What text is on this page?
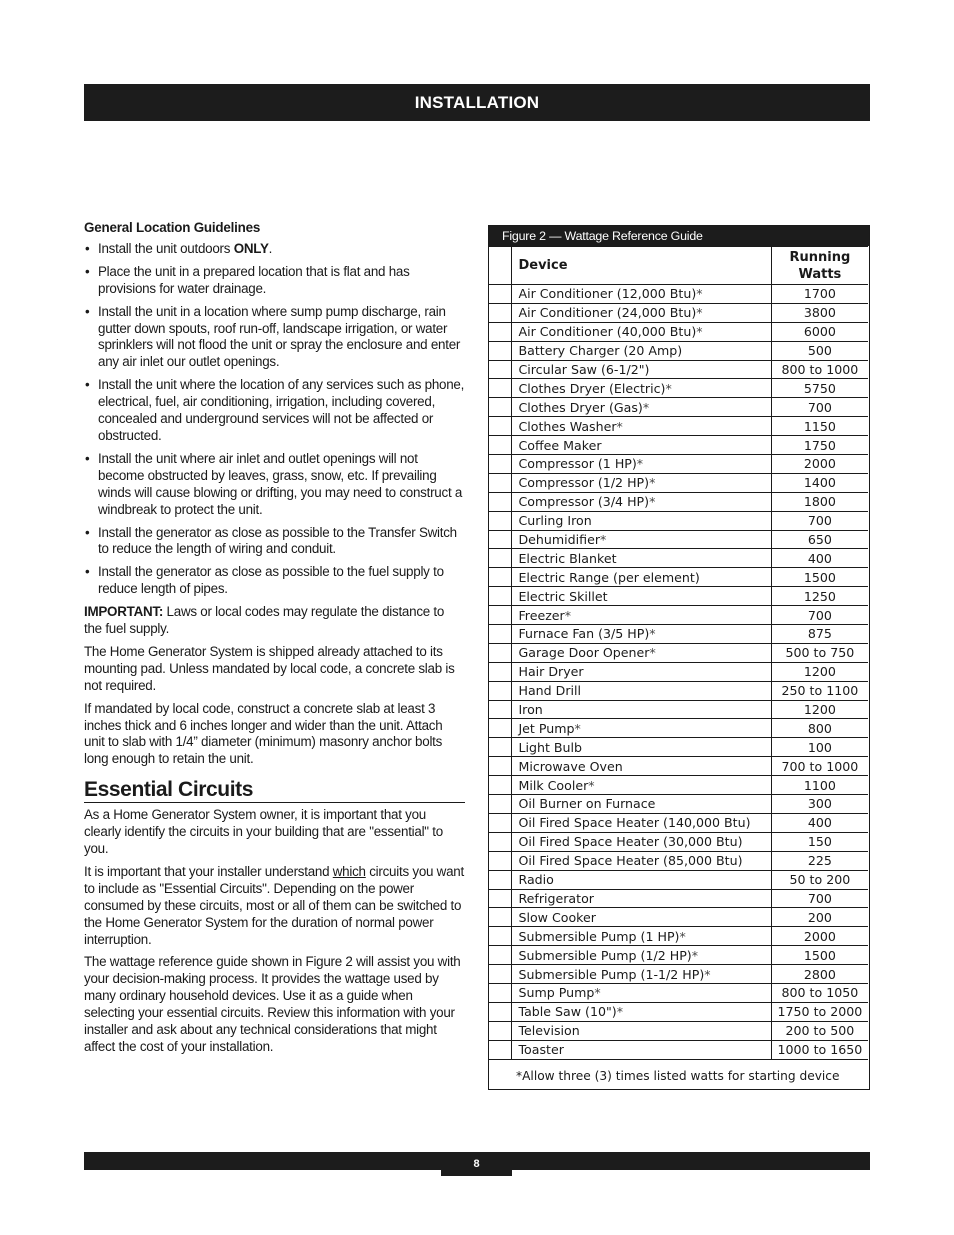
INSTALLATION
General Location Guidelines
• Install the unit outdoors ONLY.
• Place the unit in a prepared location that is flat and has provisions for water drainage.
• Install the unit in a location where sump pump discharge, rain gutter down spouts, roof run-off, landscape irrigation, or water sprinklers will not flood the unit or spray the enclosure and enter any air inlet our outlet openings.
• Install the unit where the location of any services such as phone, electrical, fuel, air conditioning, irrigation, including covered, concealed and underground services will not be affected or obstructed.
• Install the unit where air inlet and outlet openings will not become obstructed by leaves, grass, snow, etc. If prevailing winds will cause blowing or drifting, you may need to construct a windbreak to protect the unit.
• Install the generator as close as possible to the Transfer Switch to reduce the length of wiring and conduit.
• Install the generator as close as possible to the fuel supply to reduce length of pipes.

IMPORTANT: Laws or local codes may regulate the distance to the fuel supply.

The Home Generator System is shipped already attached to its mounting pad. Unless mandated by local code, a concrete slab is not required.

If mandated by local code, construct a concrete slab at least 3 inches thick and 6 inches longer and wider than the unit. Attach unit to slab with 1/4” diameter (minimum) masonry anchor bolts long enough to retain the unit.

Essential Circuits

As a Home Generator System owner, it is important that you clearly identify the circuits in your building that are "essential" to you.

It is important that your installer understand which circuits you want to include as "Essential Circuits". Depending on the power consumed by these circuits, most or all of them can be switched to the Home Generator System for the duration of normal power interruption.

The wattage reference guide shown in Figure 2 will assist you with your decision-making process. It provides the wattage used by many ordinary household devices. Use it as a guide when selecting your essential circuits. Review this information with your installer and ask about any technical considerations that might affect the cost of your installation.

Figure 2 — Wattage Reference Guide
	Device	Running Watts
	Air Conditioner (12,000 Btu)*	1700
	Air Conditioner (24,000 Btu)*	3800
	Air Conditioner (40,000 Btu)*	6000
	Battery Charger (20 Amp)	500
	Circular Saw (6-1/2")	800 to 1000
	Clothes Dryer (Electric)*	5750
	Clothes Dryer (Gas)*	700
	Clothes Washer*	1150
	Coffee Maker	1750
	Compressor (1 HP)*	2000
	Compressor (1/2 HP)*	1400
	Compressor (3/4 HP)*	1800
	Curling Iron	700
	Dehumidifier*	650
	Electric Blanket	400
	Electric Range (per element)	1500
	Electric Skillet	1250
	Freezer*	700
	Furnace Fan (3/5 HP)*	875
	Garage Door Opener*	500 to 750
	Hair Dryer	1200
	Hand Drill	250 to 1100
	Iron	1200
	Jet Pump*	800
	Light Bulb	100
	Microwave Oven	700 to 1000
	Milk Cooler*	1100
	Oil Burner on Furnace	300
	Oil Fired Space Heater (140,000 Btu)	400
	Oil Fired Space Heater (30,000 Btu)	150
	Oil Fired Space Heater (85,000 Btu)	225
	Radio	50 to 200
	Refrigerator	700
	Slow Cooker	200
	Submersible Pump (1 HP)*	2000
	Submersible Pump (1/2 HP)*	1500
	Submersible Pump (1-1/2 HP)*	2800
	Sump Pump*	800 to 1050
	Table Saw (10")*	1750 to 2000
	Television	200 to 500
	Toaster	1000 to 1650
*Allow three (3) times listed watts for starting device
8
